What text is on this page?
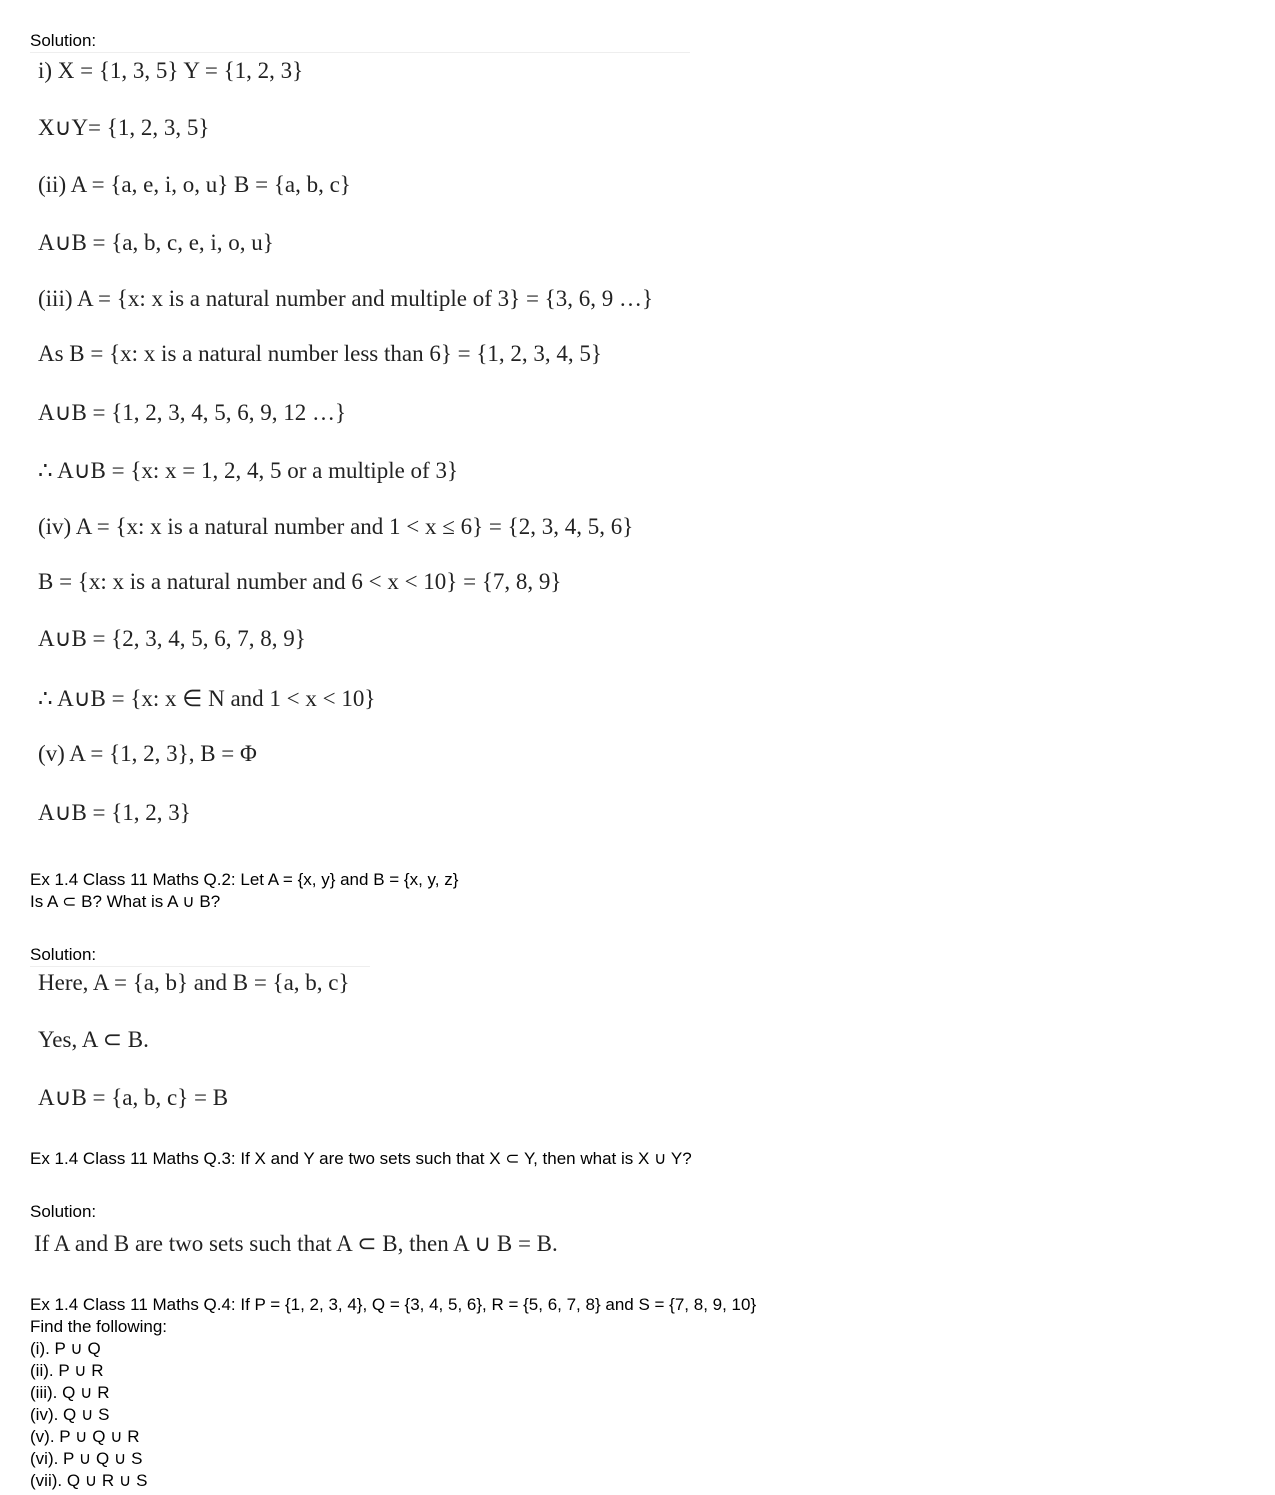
Solution:
i) X = {1, 3, 5} Y = {1, 2, 3}
X∪Y= {1, 2, 3, 5}
(ii) A = {a, e, i, o, u} B = {a, b, c}
A∪B = {a, b, c, e, i, o, u}
(iii) A = {x: x is a natural number and multiple of 3} = {3, 6, 9 …}
As B = {x: x is a natural number less than 6} = {1, 2, 3, 4, 5}
A∪B = {1, 2, 3, 4, 5, 6, 9, 12 …}
∴ A∪B = {x: x = 1, 2, 4, 5 or a multiple of 3}
(iv) A = {x: x is a natural number and 1 < x ≤ 6} = {2, 3, 4, 5, 6}
B = {x: x is a natural number and 6 < x < 10} = {7, 8, 9}
A∪B = {2, 3, 4, 5, 6, 7, 8, 9}
∴ A∪B = {x: x ∈ N and 1 < x < 10}
(v) A = {1, 2, 3}, B = Φ
A∪B = {1, 2, 3}
Ex 1.4 Class 11 Maths Q.2: Let A = {x, y} and B = {x, y, z}
Is A ⊂ B? What is A ∪ B?
Solution:
Here, A = {a, b} and B = {a, b, c}
Yes, A ⊂ B.
A∪B = {a, b, c} = B
Ex 1.4 Class 11 Maths Q.3: If X and Y are two sets such that X ⊂ Y, then what is X ∪ Y?
Solution:
If A and B are two sets such that A ⊂ B, then A ∪ B = B.
Ex 1.4 Class 11 Maths Q.4: If P = {1, 2, 3, 4}, Q = {3, 4, 5, 6}, R = {5, 6, 7, 8} and S = {7, 8, 9, 10}
Find the following:
(i). P ∪ Q
(ii). P ∪ R
(iii). Q ∪ R
(iv). Q ∪ S
(v). P ∪ Q ∪ R
(vi). P ∪ Q ∪ S
(vii). Q ∪ R ∪ S
